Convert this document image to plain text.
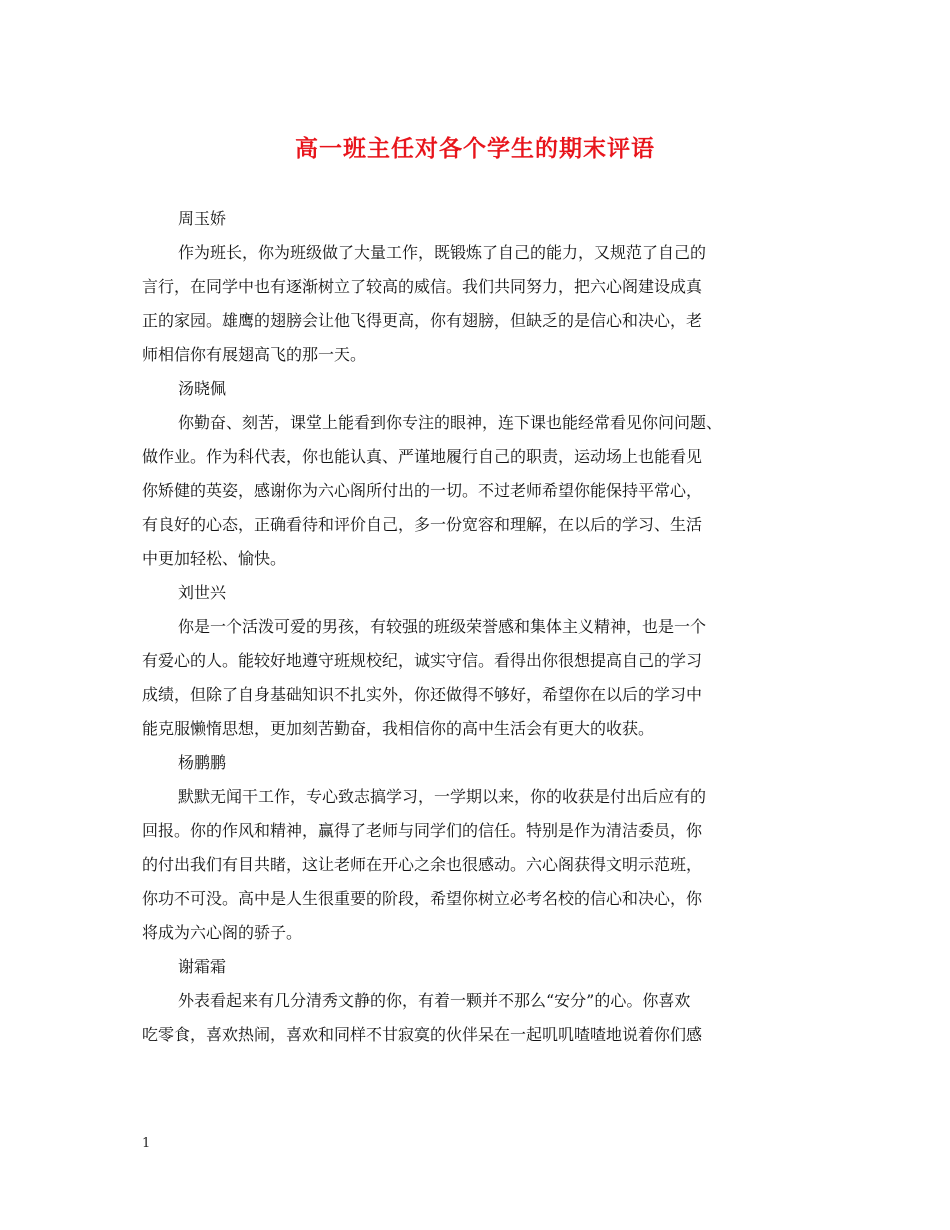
高一班主任对各个学生的期末评语

周玉娇

作为班长，你为班级做了大量工作，既锻炼了自己的能力，又规范了自己的

言行，在同学中也有逐渐树立了较高的威信。我们共同努力，把六心阁建设成真

正的家园。雄鹰的翅膀会让他飞得更高，你有翅膀，但缺乏的是信心和决心，老

师相信你有展翅高飞的那一天。

汤晓佩

你勤奋、刻苦，课堂上能看到你专注的眼神，连下课也能经常看见你问问题、

做作业。作为科代表，你也能认真、严谨地履行自己的职责，运动场上也能看见

你矫健的英姿，感谢你为六心阁所付出的一切。不过老师希望你能保持平常心，

有良好的心态，正确看待和评价自己，多一份宽容和理解，在以后的学习、生活

中更加轻松、愉快。

刘世兴

你是一个活泼可爱的男孩，有较强的班级荣誉感和集体主义精神，也是一个

有爱心的人。能较好地遵守班规校纪，诚实守信。看得出你很想提高自己的学习

成绩，但除了自身基础知识不扎实外，你还做得不够好，希望你在以后的学习中

能克服懒惰思想，更加刻苦勤奋，我相信你的高中生活会有更大的收获。

杨鹏鹏

默默无闻干工作，专心致志搞学习，一学期以来，你的收获是付出后应有的

回报。你的作风和精神，赢得了老师与同学们的信任。特别是作为清洁委员，你

的付出我们有目共睹，这让老师在开心之余也很感动。六心阁获得文明示范班，

你功不可没。高中是人生很重要的阶段，希望你树立必考名校的信心和决心，你

将成为六心阁的骄子。

谢霜霜

外表看起来有几分清秀文静的你，有着一颗并不那么“安分”的心。你喜欢

吃零食，喜欢热闹，喜欢和同样不甘寂寞的伙伴呆在一起叽叽喳喳地说着你们感

1
